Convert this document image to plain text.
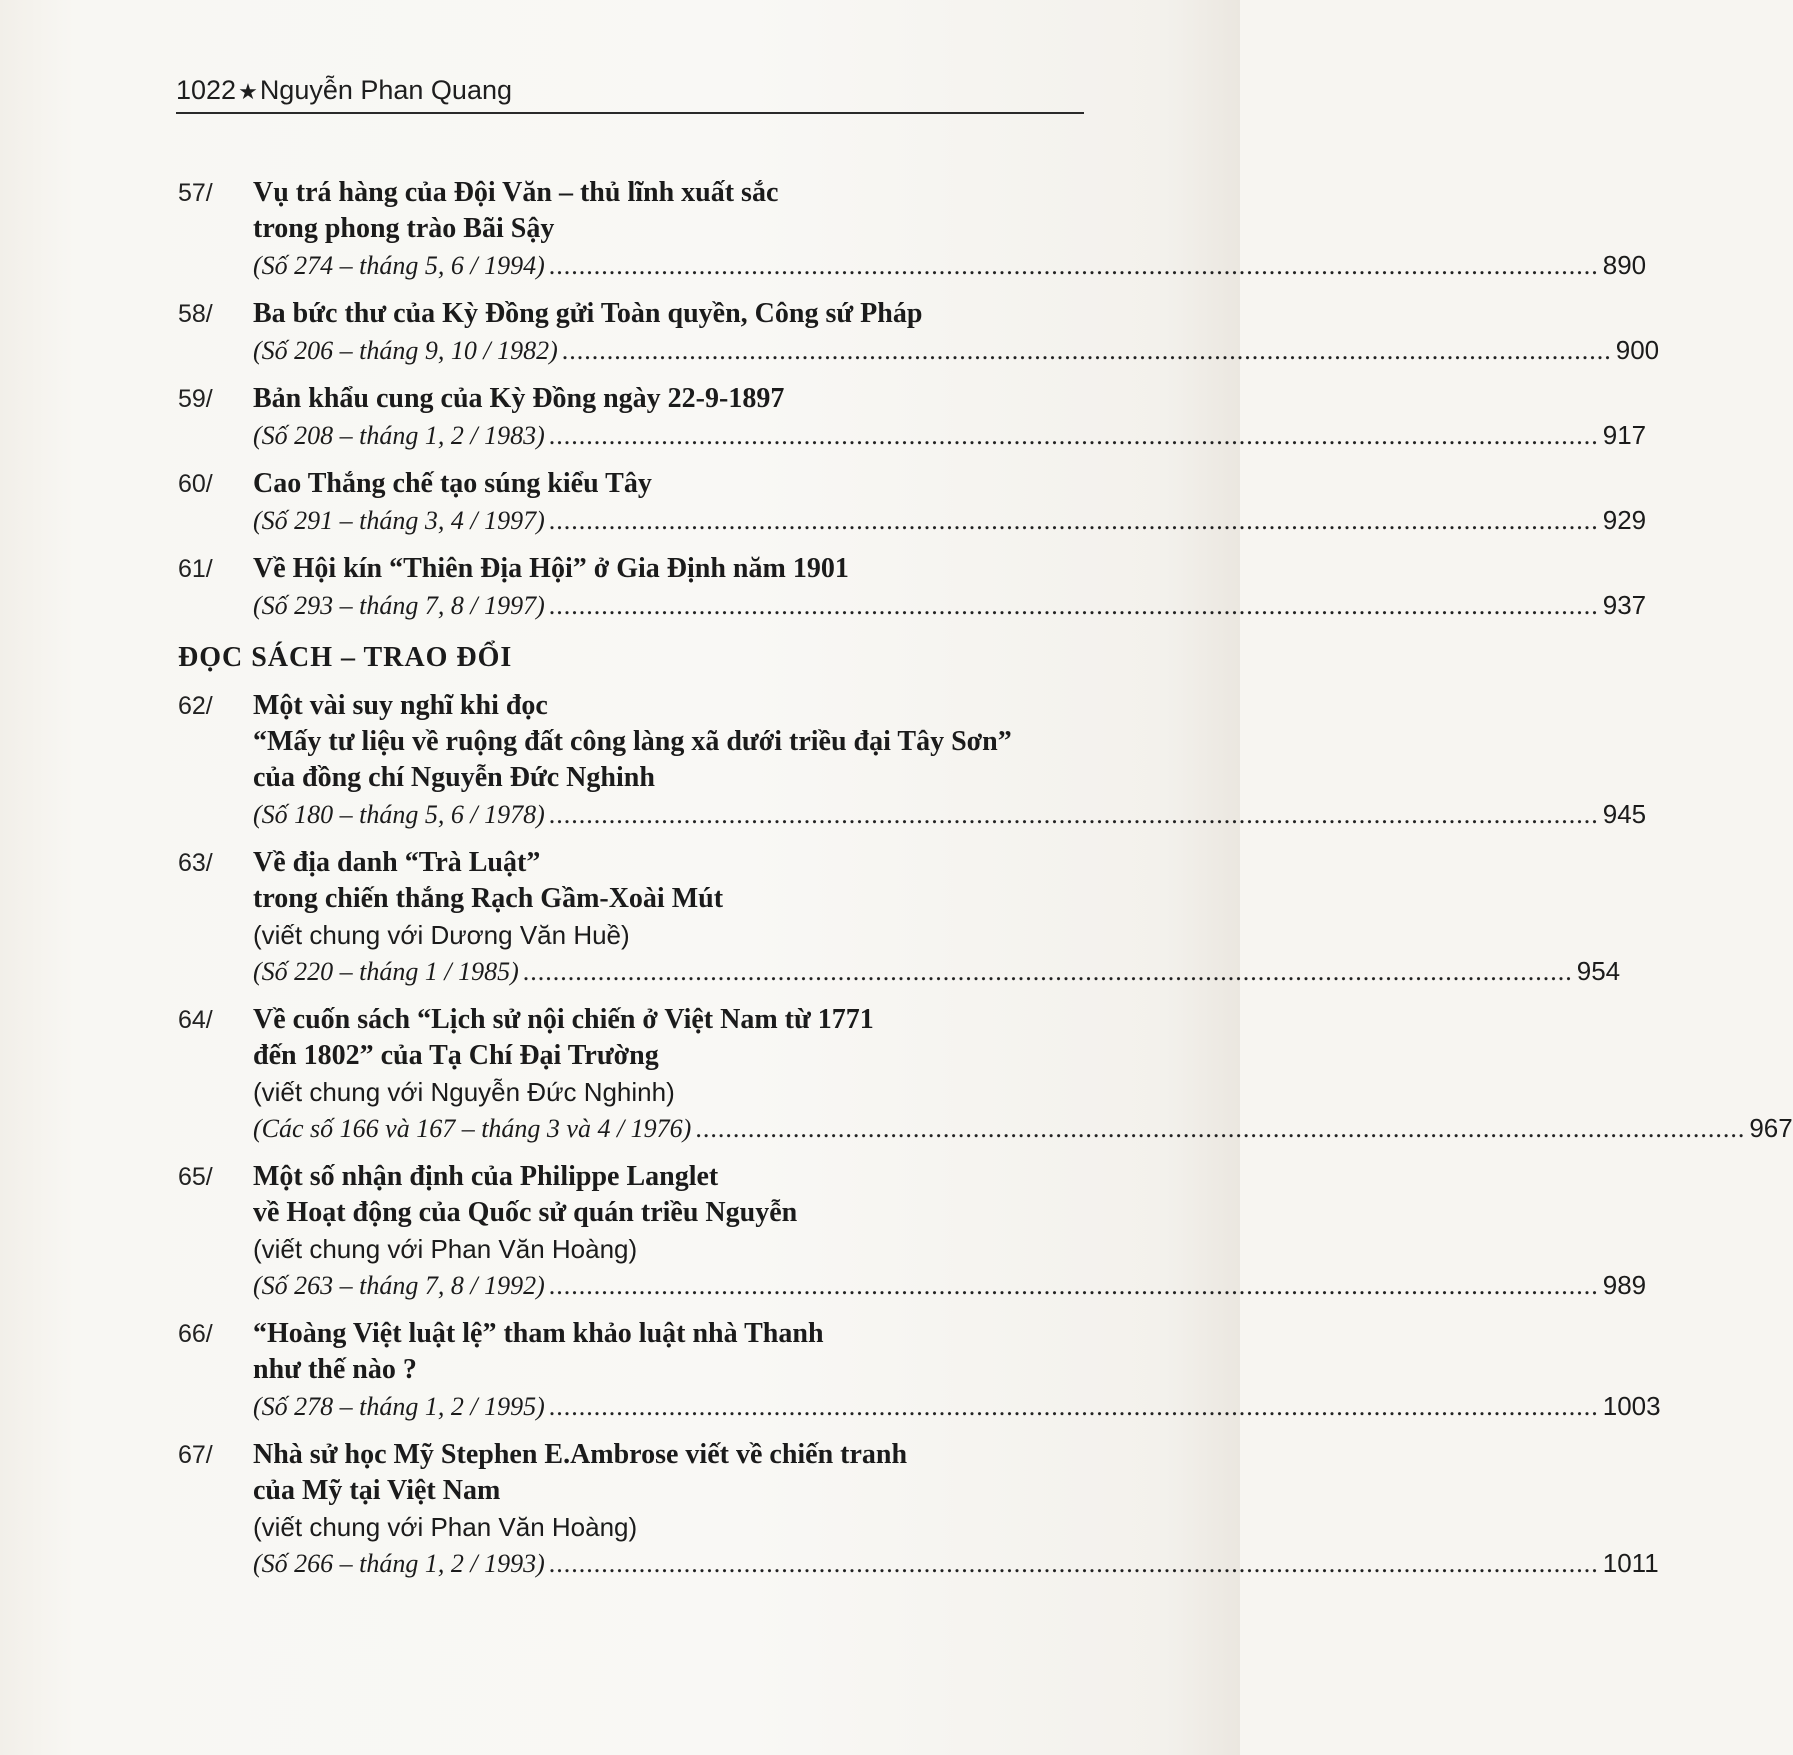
1022★Nguyễn Phan Quang
57/ Vụ trá hàng của Đội Văn – thủ lĩnh xuất sắc
trong phong trào Bãi Sậy
(Số 274 – tháng 5, 6 / 1994) ............................................................................................................................................ 890
58/ Ba bức thư của Kỳ Đồng gửi Toàn quyền, Công sứ Pháp
(Số 206 – tháng 9, 10 / 1982) ............................................................................................................................................ 900
59/ Bản khẩu cung của Kỳ Đồng ngày 22-9-1897
(Số 208 – tháng 1, 2 / 1983) ............................................................................................................................................ 917
60/ Cao Thắng chế tạo súng kiểu Tây
(Số 291 – tháng 3, 4 / 1997) ............................................................................................................................................ 929
61/ Về Hội kín “Thiên Địa Hội” ở Gia Định năm 1901
(Số 293 – tháng 7, 8 / 1997) ............................................................................................................................................ 937
ĐỌC SÁCH – TRAO ĐỔI
62/ Một vài suy nghĩ khi đọc
“Mấy tư liệu về ruộng đất công làng xã dưới triều đại Tây Sơn”
của đồng chí Nguyễn Đức Nghinh
(Số 180 – tháng 5, 6 / 1978) ............................................................................................................................................ 945
63/ Về địa danh “Trà Luật”
trong chiến thắng Rạch Gầm-Xoài Mút
(viết chung với Dương Văn Huề)
(Số 220 – tháng 1 / 1985) ............................................................................................................................................ 954
64/ Về cuốn sách “Lịch sử nội chiến ở Việt Nam từ 1771
đến 1802” của Tạ Chí Đại Trường
(viết chung với Nguyễn Đức Nghinh)
(Các số 166 và 167 – tháng 3 và 4 / 1976) ............................................................................................................................................ 967
65/ Một số nhận định của Philippe Langlet
về Hoạt động của Quốc sử quán triều Nguyễn
(viết chung với Phan Văn Hoàng)
(Số 263 – tháng 7, 8 / 1992) ............................................................................................................................................ 989
66/ “Hoàng Việt luật lệ” tham khảo luật nhà Thanh
như thế nào ?
(Số 278 – tháng 1, 2 / 1995) ............................................................................................................................................ 1003
67/ Nhà sử học Mỹ Stephen E.Ambrose viết về chiến tranh
của Mỹ tại Việt Nam
(viết chung với Phan Văn Hoàng)
(Số 266 – tháng 1, 2 / 1993) ............................................................................................................................................ 1011
